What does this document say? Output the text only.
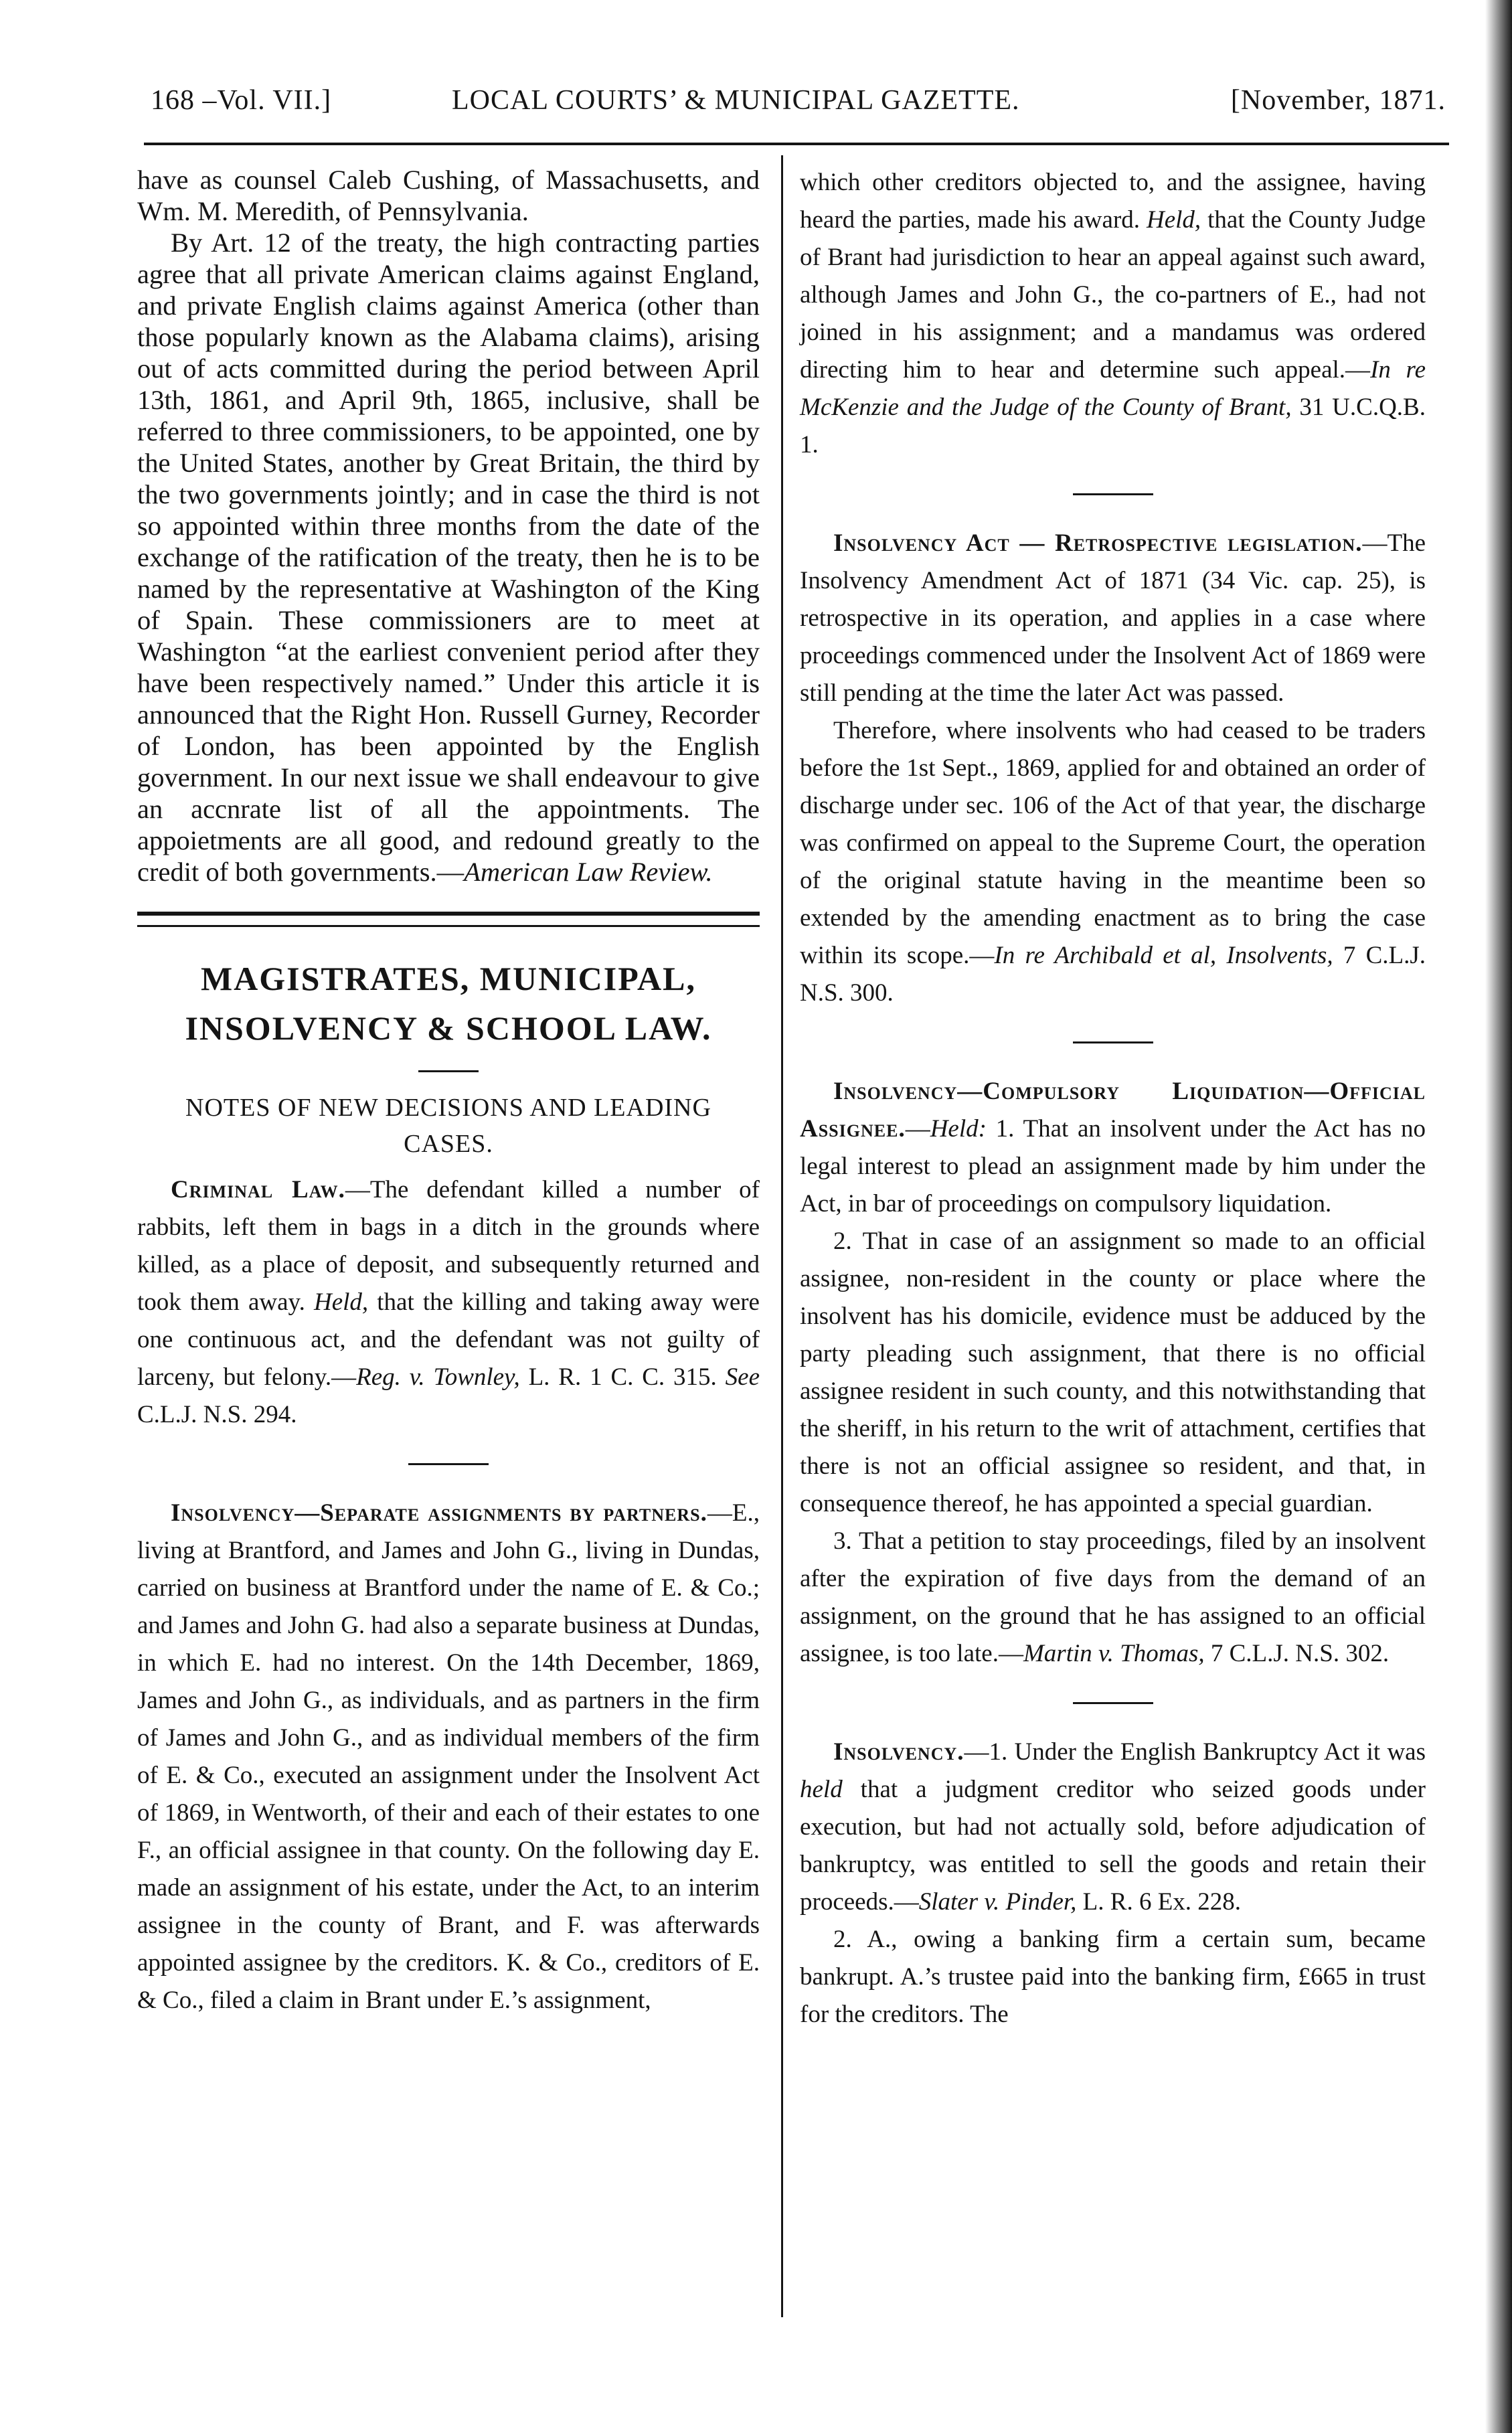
168 –Vol. VII.]	LOCAL COURTS’ & MUNICIPAL GAZETTE.	[November, 1871.

have as counsel Caleb Cushing, of Massachusetts, and Wm. M. Meredith, of Pennsylvania.

By Art. 12 of the treaty, the high contracting parties agree that all private American claims against England, and private English claims against America (other than those popularly known as the Alabama claims), arising out of acts committed during the period between April 13th, 1861, and April 9th, 1865, inclusive, shall be referred to three commissioners, to be appointed, one by the United States, another by Great Britain, the third by the two governments jointly; and in case the third is not so appointed within three months from the date of the exchange of the ratification of the treaty, then he is to be named by the representative at Washington of the King of Spain. These commissioners are to meet at Washington “at the earliest convenient period after they have been respectively named.” Under this article it is announced that the Right Hon. Russell Gurney, Recorder of London, has been appointed by the English government. In our next issue we shall endeavour to give an accnrate list of all the appointments. The appoietments are all good, and redound greatly to the credit of both governments.—American Law Review.

MAGISTRATES, MUNICIPAL,
INSOLVENCY & SCHOOL LAW.
NOTES OF NEW DECISIONS AND LEADING
CASES.

Criminal Law.—The defendant killed a number of rabbits, left them in bags in a ditch in the grounds where killed, as a place of deposit, and subsequently returned and took them away. Held, that the killing and taking away were one continuous act, and the defendant was not guilty of larceny, but felony.—Reg. v. Townley, L. R. 1 C. C. 315. See C.L.J. N.S. 294.

Insolvency—Separate assignments by partners.—E., living at Brantford, and James and John G., living in Dundas, carried on business at Brantford under the name of E. & Co.; and James and John G. had also a separate business at Dundas, in which E. had no interest. On the 14th December, 1869, James and John G., as individuals, and as partners in the firm of James and John G., and as individual members of the firm of E. & Co., executed an assignment under the Insolvent Act of 1869, in Wentworth, of their and each of their estates to one F., an official assignee in that county. On the following day E. made an assignment of his estate, under the Act, to an interim assignee in the county of Brant, and F. was afterwards appointed assignee by the creditors. K. & Co., creditors of E. & Co., filed a claim in Brant under E.’s assignment,

which other creditors objected to, and the assignee, having heard the parties, made his award. Held, that the County Judge of Brant had jurisdiction to hear an appeal against such award, although James and John G., the co-partners of E., had not joined in his assignment; and a mandamus was ordered directing him to hear and determine such appeal.—In re McKenzie and the Judge of the County of Brant, 31 U.C.Q.B. 1.

Insolvency Act — Retrospective legislation.—The Insolvency Amendment Act of 1871 (34 Vic. cap. 25), is retrospective in its operation, and applies in a case where proceedings commenced under the Insolvent Act of 1869 were still pending at the time the later Act was passed.

Therefore, where insolvents who had ceased to be traders before the 1st Sept., 1869, applied for and obtained an order of discharge under sec. 106 of the Act of that year, the discharge was confirmed on appeal to the Supreme Court, the operation of the original statute having in the meantime been so extended by the amending enactment as to bring the case within its scope.—In re Archibald et al, Insolvents, 7 C.L.J. N.S. 300.

Insolvency—Compulsory Liquidation—Official Assignee.—Held: 1. That an insolvent under the Act has no legal interest to plead an assignment made by him under the Act, in bar of proceedings on compulsory liquidation.

2. That in case of an assignment so made to an official assignee, non-resident in the county or place where the insolvent has his domicile, evidence must be adduced by the party pleading such assignment, that there is no official assignee resident in such county, and this notwithstanding that the sheriff, in his return to the writ of attachment, certifies that there is not an official assignee so resident, and that, in consequence thereof, he has appointed a special guardian.

3. That a petition to stay proceedings, filed by an insolvent after the expiration of five days from the demand of an assignment, on the ground that he has assigned to an official assignee, is too late.—Martin v. Thomas, 7 C.L.J. N.S. 302.

Insolvency.—1. Under the English Bankruptcy Act it was held that a judgment creditor who seized goods under execution, but had not actually sold, before adjudication of bankruptcy, was entitled to sell the goods and retain their proceeds.—Slater v. Pinder, L. R. 6 Ex. 228.

2. A., owing a banking firm a certain sum, became bankrupt. A.’s trustee paid into the banking firm, £665 in trust for the creditors. The
